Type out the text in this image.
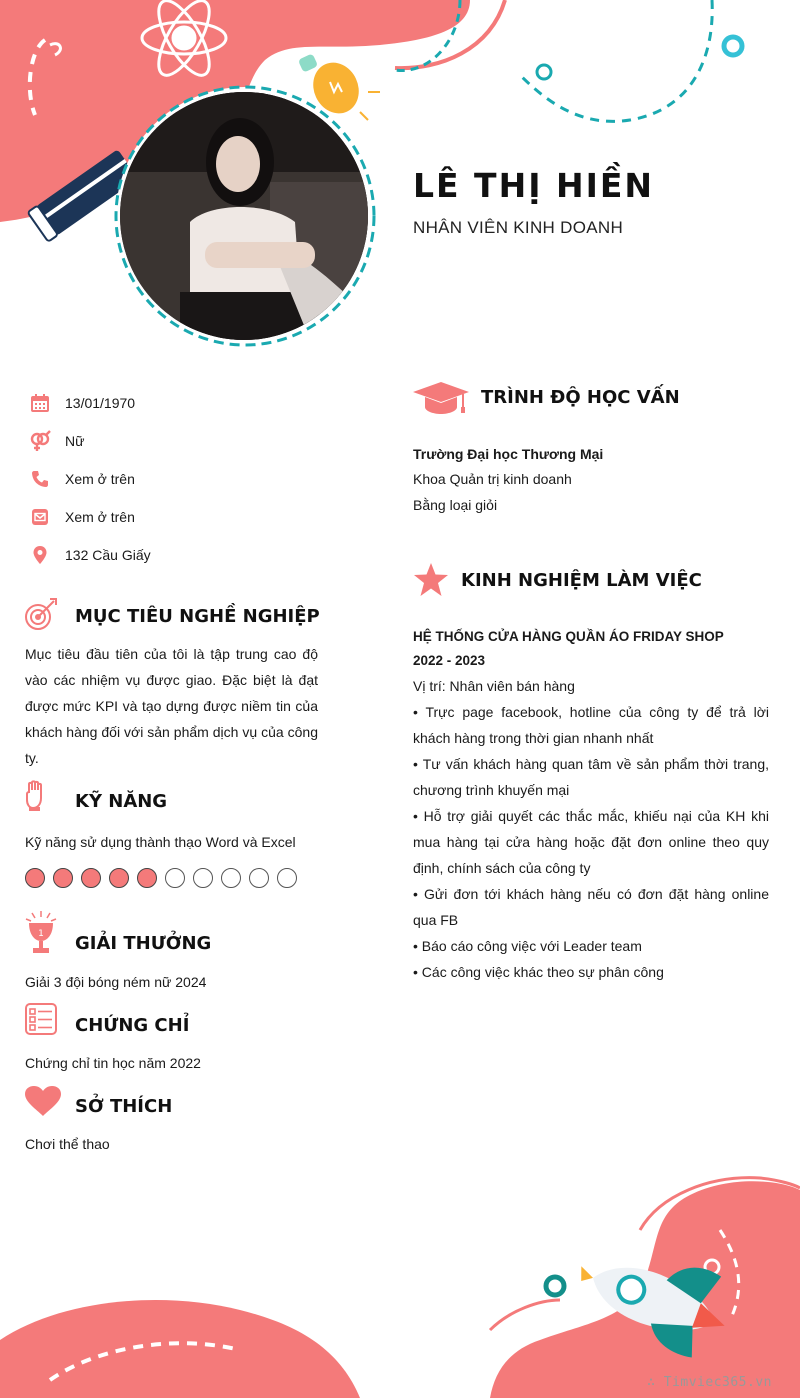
LÊ THỊ HIỀN
NHÂN VIÊN KINH DOANH
13/01/1970
Nữ
Xem ở trên
Xem ở trên
132 Cầu Giấy
MỤC TIÊU NGHỀ NGHIỆP
Mục tiêu đầu tiên của tôi là tập trung cao độ vào các nhiệm vụ được giao. Đặc biệt là đạt được mức KPI và tạo dựng được niềm tin của khách hàng đối với sản phẩm dịch vụ của công ty.
KỸ NĂNG
Kỹ năng sử dụng thành thạo Word và Excel
1 GIẢI THƯỞNG
Giải 3 đội bóng ném nữ 2024
CHỨNG CHỈ
Chứng chỉ tin học năm 2022
SỞ THÍCH
Chơi thể thao
TRÌNH ĐỘ HỌC VẤN
Trường Đại học Thương Mại
Khoa Quản trị kinh doanh
Bằng loại giỏi
KINH NGHIỆM LÀM VIỆC
HỆ THỐNG CỬA HÀNG QUẦN ÁO FRIDAY SHOP
2022 - 2023
Vị trí: Nhân viên bán hàng
• Trực page facebook, hotline của công ty để trả lời khách hàng trong thời gian nhanh nhất
• Tư vấn khách hàng quan tâm về sản phẩm thời trang, chương trình khuyến mại
• Hỗ trợ giải quyết các thắc mắc, khiếu nại của KH khi mua hàng tại cửa hàng hoặc đặt đơn online theo quy định, chính sách của công ty
• Gửi đơn tới khách hàng nếu có đơn đặt hàng online qua FB
• Báo cáo công việc với Leader team
• Các công việc khác theo sự phân công
∴ Timviec365.vn
